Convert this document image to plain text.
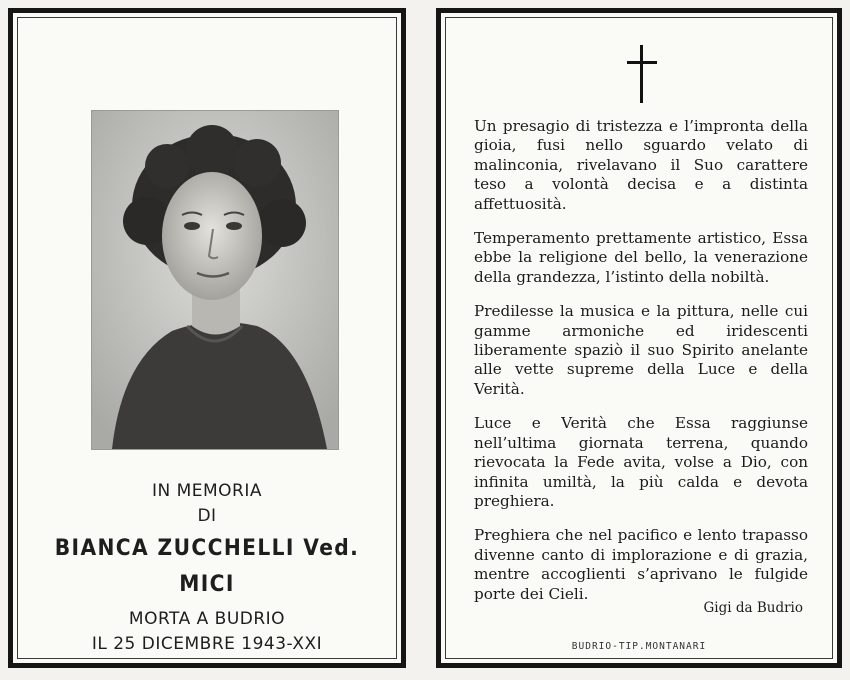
IN MEMORIA
DI
BIANCA ZUCCHELLI Ved. MICI
MORTA A BUDRIO
IL 25 DICEMBRE 1943-XXI

Un presagio di tristezza e l’impronta della gioia, fusi nello sguardo velato di malinconia, rivelavano il Suo carattere teso a volontà decisa e a distinta affettuosità.

Temperamento prettamente artistico, Essa ebbe la religione del bello, la venerazione della grandezza, l’istinto della nobiltà.

Predilesse la musica e la pittura, nelle cui gamme armoniche ed iridescenti liberamente spaziò il suo Spirito anelante alle vette supreme della Luce e della Verità.

Luce e Verità che Essa raggiunse nell’ultima giornata terrena, quando rievocata la Fede avita, volse a Dio, con infinita umiltà, la più calda e devota preghiera.

Preghiera che nel pacifico e lento trapasso divenne canto di implorazione e di grazia, mentre accoglienti s’aprivano le fulgide porte dei Cieli.

Gigi da Budrio
BUDRIO-TIP.MONTANARI
